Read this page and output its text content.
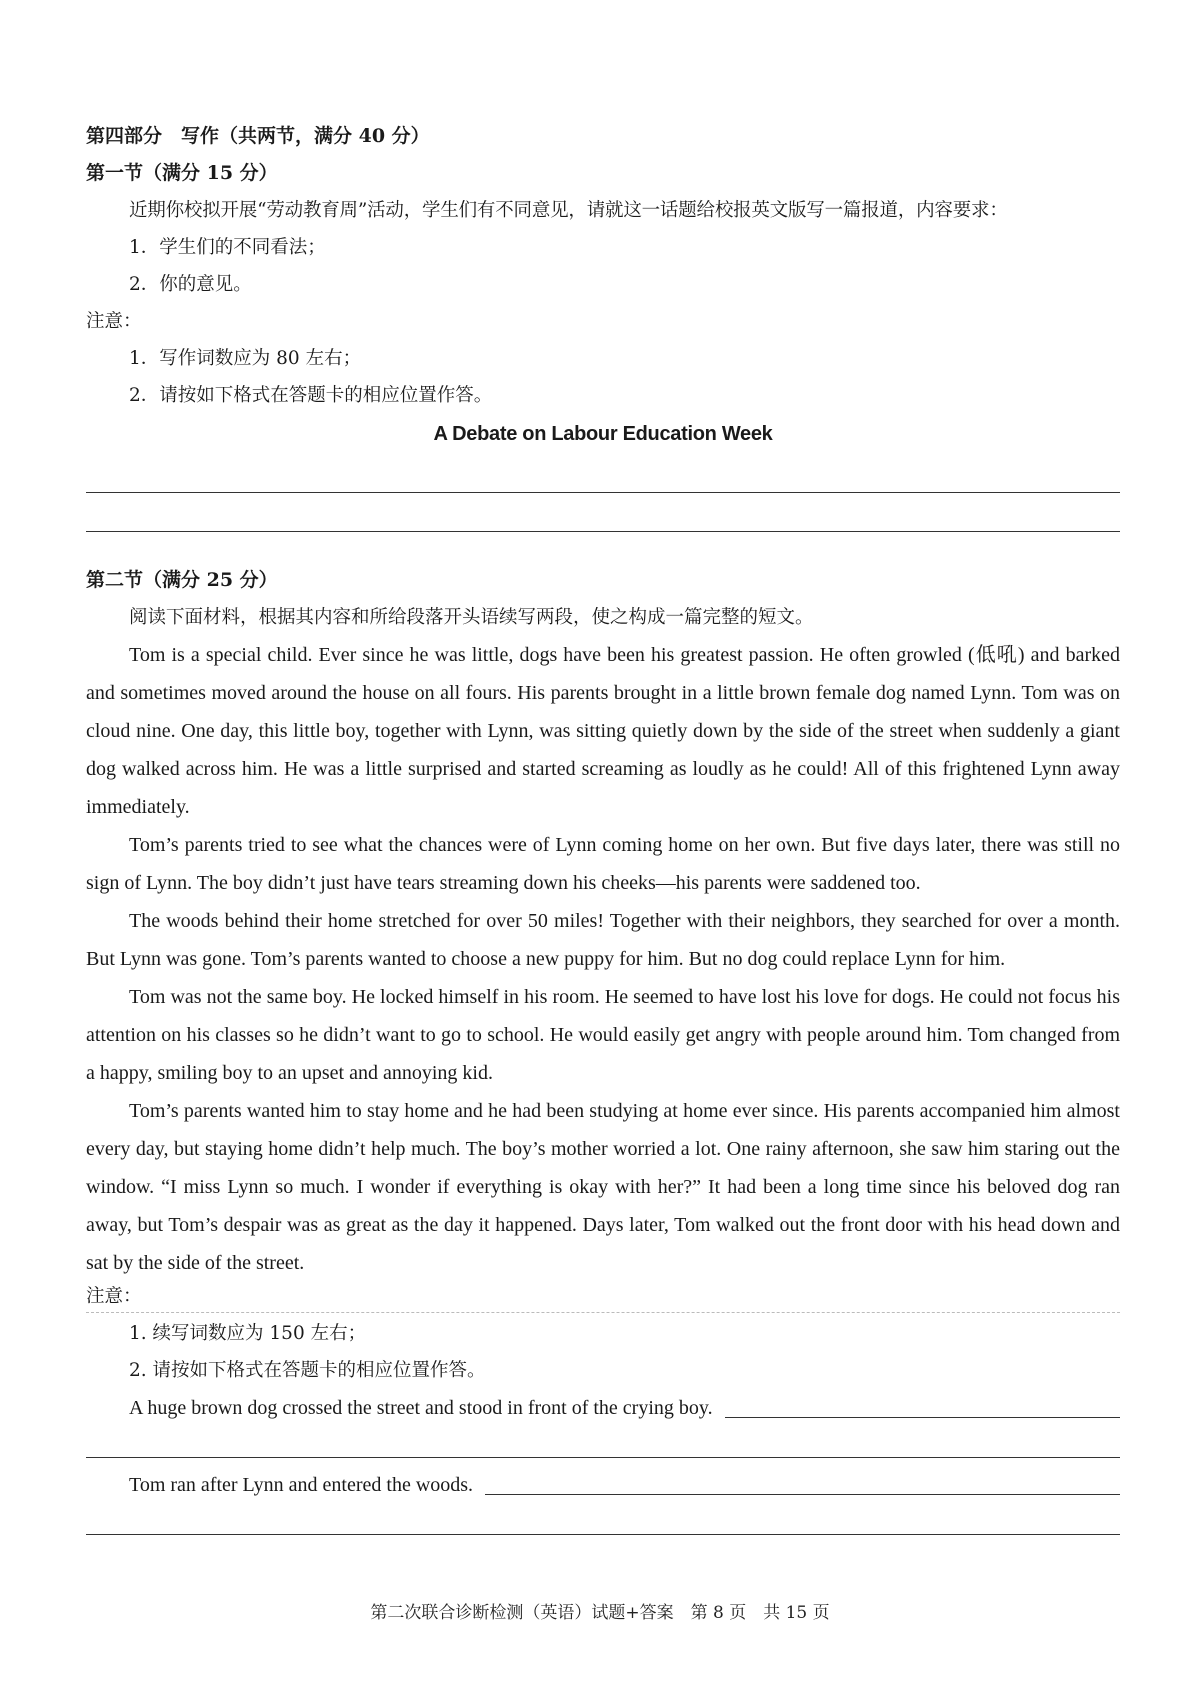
第四部分　写作（共两节，满分 40 分）
第一节（满分 15 分）
近期你校拟开展“劳动教育周”活动，学生们有不同意见，请就这一话题给校报英文版写一篇报道，内容要求：
1．学生们的不同看法；
2．你的意见。
注意：
1．写作词数应为 80 左右；
2．请按如下格式在答题卡的相应位置作答。
A Debate on Labour Education Week
第二节（满分 25 分）
阅读下面材料，根据其内容和所给段落开头语续写两段，使之构成一篇完整的短文。

Tom is a special child. Ever since he was little, dogs have been his greatest passion. He often growled (低吼) and barked and sometimes moved around the house on all fours. His parents brought in a little brown female dog named Lynn. Tom was on cloud nine. One day, this little boy, together with Lynn, was sitting quietly down by the side of the street when suddenly a giant dog walked across him. He was a little surprised and started screaming as loudly as he could! All of this frightened Lynn away immediately.

Tom’s parents tried to see what the chances were of Lynn coming home on her own. But five days later, there was still no sign of Lynn. The boy didn’t just have tears streaming down his cheeks—his parents were saddened too.

The woods behind their home stretched for over 50 miles! Together with their neighbors, they searched for over a month. But Lynn was gone. Tom’s parents wanted to choose a new puppy for him. But no dog could replace Lynn for him.

Tom was not the same boy. He locked himself in his room. He seemed to have lost his love for dogs. He could not focus his attention on his classes so he didn’t want to go to school. He would easily get angry with people around him. Tom changed from a happy, smiling boy to an upset and annoying kid.

Tom’s parents wanted him to stay home and he had been studying at home ever since. His parents accompanied him almost every day, but staying home didn’t help much. The boy’s mother worried a lot. One rainy afternoon, she saw him staring out the window. “I miss Lynn so much. I wonder if everything is okay with her?” It had been a long time since his beloved dog ran away, but Tom’s despair was as great as the day it happened. Days later, Tom walked out the front door with his head down and sat by the side of the street.

注意：
1. 续写词数应为 150 左右；
2. 请按如下格式在答题卡的相应位置作答。
A huge brown dog crossed the street and stood in front of the crying boy.
Tom ran after Lynn and entered the woods.
第二次联合诊断检测（英语）试题+答案　第 8 页　共 15 页
